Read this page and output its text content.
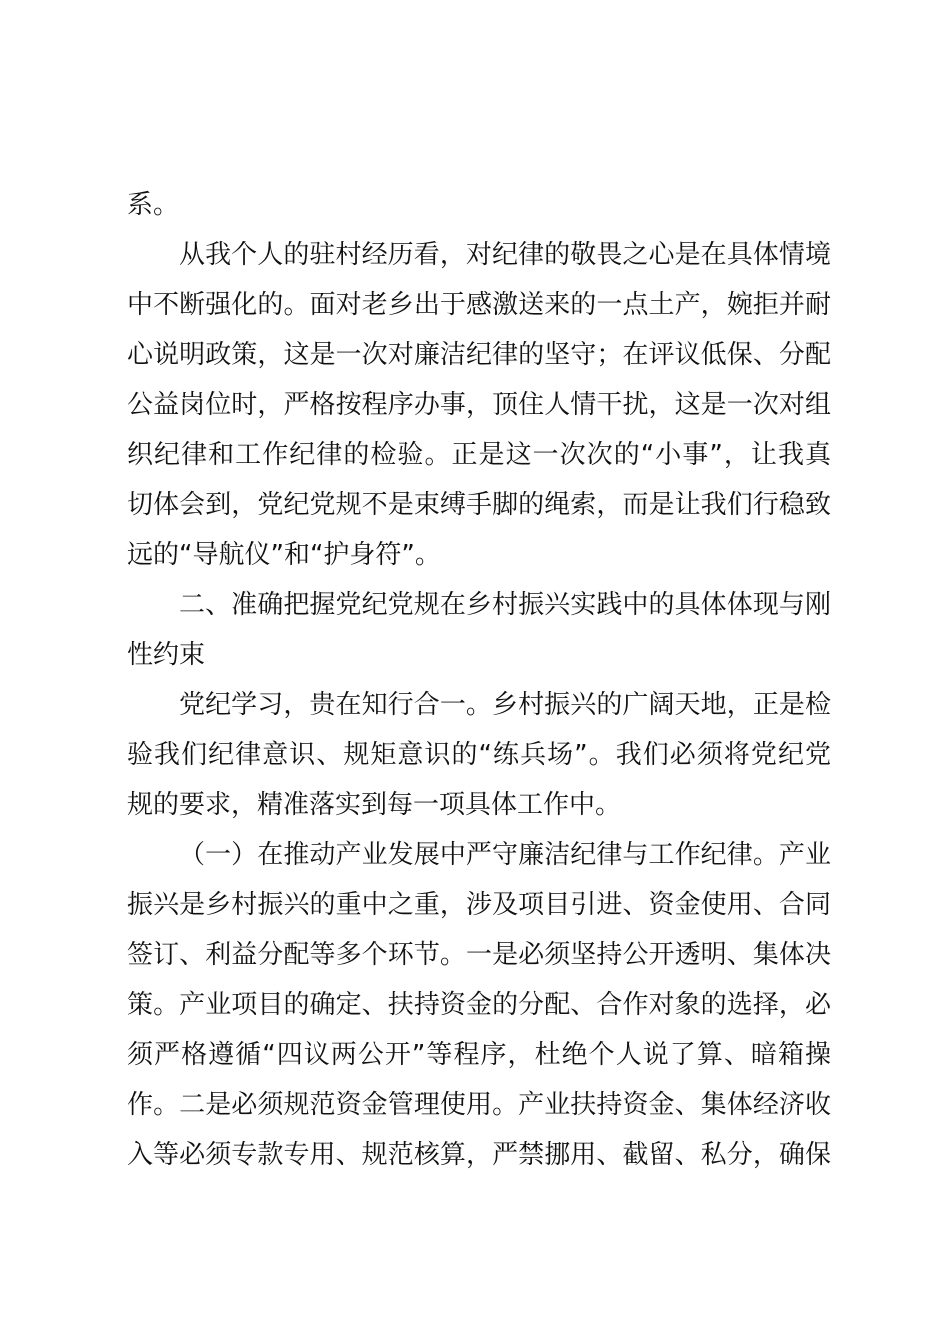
系。
从我个人的驻村经历看，对纪律的敬畏之心是在具体情境
中不断强化的。面对老乡出于感激送来的一点土产，婉拒并耐
心说明政策，这是一次对廉洁纪律的坚守；在评议低保、分配
公益岗位时，严格按程序办事，顶住人情干扰，这是一次对组
织纪律和工作纪律的检验。正是这一次次的“小事”，让我真
切体会到，党纪党规不是束缚手脚的绳索，而是让我们行稳致
远的“导航仪”和“护身符”。
二、准确把握党纪党规在乡村振兴实践中的具体体现与刚
性约束
党纪学习，贵在知行合一。乡村振兴的广阔天地，正是检
验我们纪律意识、规矩意识的“练兵场”。我们必须将党纪党
规的要求，精准落实到每一项具体工作中。
（一）在推动产业发展中严守廉洁纪律与工作纪律。产业
振兴是乡村振兴的重中之重，涉及项目引进、资金使用、合同
签订、利益分配等多个环节。一是必须坚持公开透明、集体决
策。产业项目的确定、扶持资金的分配、合作对象的选择，必
须严格遵循“四议两公开”等程序，杜绝个人说了算、暗箱操
作。二是必须规范资金管理使用。产业扶持资金、集体经济收
入等必须专款专用、规范核算，严禁挪用、截留、私分，确保
